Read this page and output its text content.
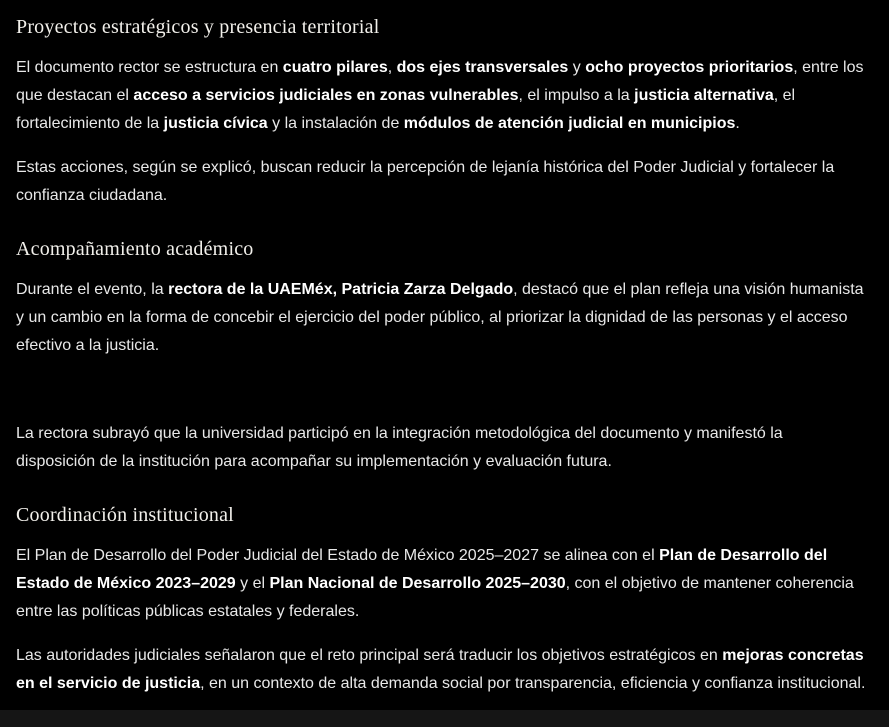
Proyectos estratégicos y presencia territorial

El documento rector se estructura en cuatro pilares, dos ejes transversales y ocho proyectos prioritarios, entre los que destacan el acceso a servicios judiciales en zonas vulnerables, el impulso a la justicia alternativa, el fortalecimiento de la justicia cívica y la instalación de módulos de atención judicial en municipios.

Estas acciones, según se explicó, buscan reducir la percepción de lejanía histórica del Poder Judicial y fortalecer la confianza ciudadana.

Acompañamiento académico

Durante el evento, la rectora de la UAEMéx, Patricia Zarza Delgado, destacó que el plan refleja una visión humanista y un cambio en la forma de concebir el ejercicio del poder público, al priorizar la dignidad de las personas y el acceso efectivo a la justicia.

La rectora subrayó que la universidad participó en la integración metodológica del documento y manifestó la disposición de la institución para acompañar su implementación y evaluación futura.

Coordinación institucional

El Plan de Desarrollo del Poder Judicial del Estado de México 2025–2027 se alinea con el Plan de Desarrollo del Estado de México 2023–2029 y el Plan Nacional de Desarrollo 2025–2030, con el objetivo de mantener coherencia entre las políticas públicas estatales y federales.

Las autoridades judiciales señalaron que el reto principal será traducir los objetivos estratégicos en mejoras concretas en el servicio de justicia, en un contexto de alta demanda social por transparencia, eficiencia y confianza institucional.
